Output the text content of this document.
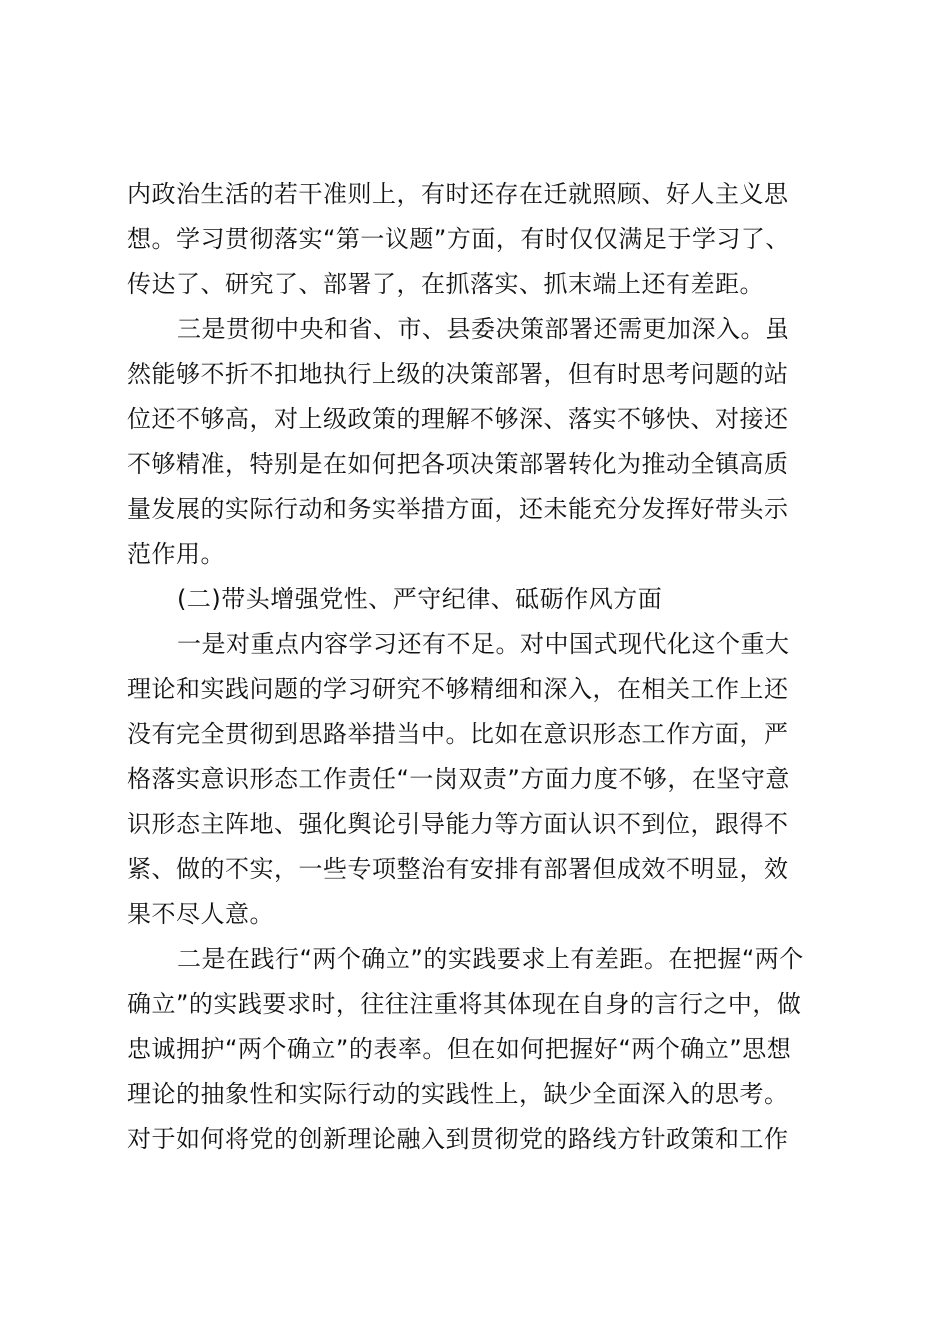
内政治生活的若干准则上，有时还存在迁就照顾、好人主义思
想。学习贯彻落实“第一议题”方面，有时仅仅满足于学习了、
传达了、研究了、部署了，在抓落实、抓末端上还有差距。
三是贯彻中央和省、市、县委决策部署还需更加深入。虽
然能够不折不扣地执行上级的决策部署，但有时思考问题的站
位还不够高，对上级政策的理解不够深、落实不够快、对接还
不够精准，特别是在如何把各项决策部署转化为推动全镇高质
量发展的实际行动和务实举措方面，还未能充分发挥好带头示
范作用。
(二)带头增强党性、严守纪律、砥砺作风方面
一是对重点内容学习还有不足。对中国式现代化这个重大
理论和实践问题的学习研究不够精细和深入，在相关工作上还
没有完全贯彻到思路举措当中。比如在意识形态工作方面，严
格落实意识形态工作责任“一岗双责”方面力度不够，在坚守意
识形态主阵地、强化舆论引导能力等方面认识不到位，跟得不
紧、做的不实，一些专项整治有安排有部署但成效不明显，效
果不尽人意。
二是在践行“两个确立”的实践要求上有差距。在把握“两个
确立”的实践要求时，往往注重将其体现在自身的言行之中，做
忠诚拥护“两个确立”的表率。但在如何把握好“两个确立”思想
理论的抽象性和实际行动的实践性上，缺少全面深入的思考。
对于如何将党的创新理论融入到贯彻党的路线方针政策和工作
